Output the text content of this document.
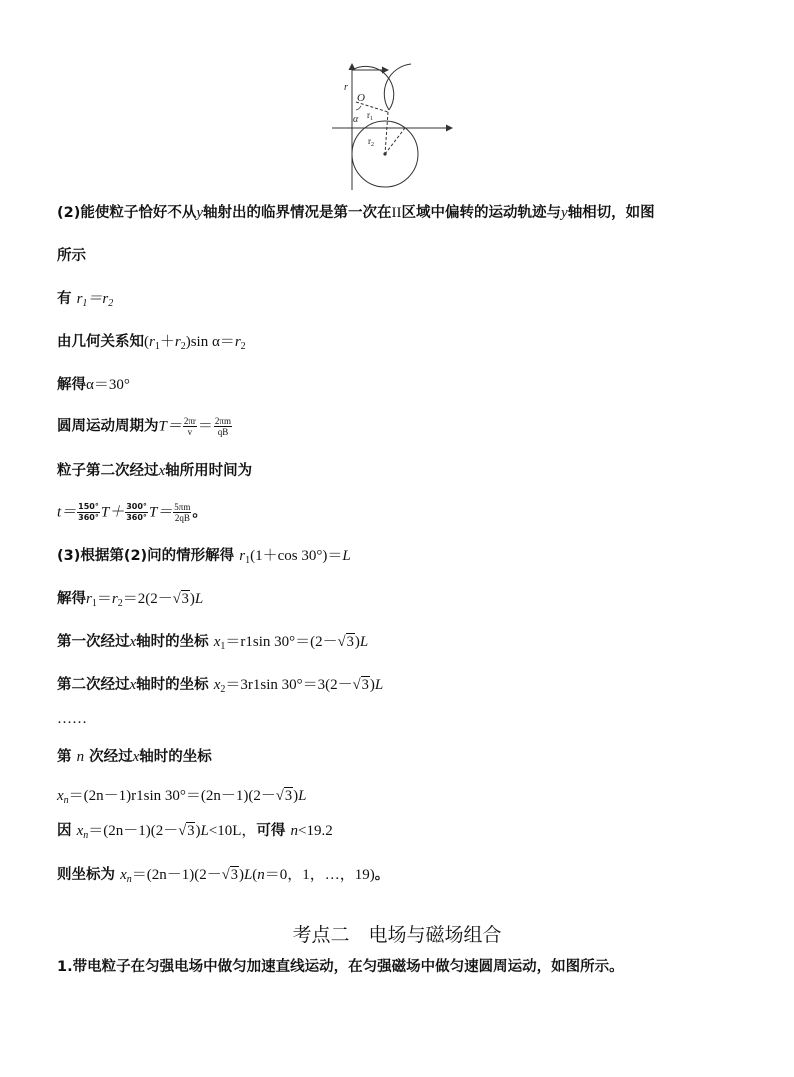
r
O
α $r_1$
$r_2$
(2)能使粒子恰好不从y轴射出的临界情况是第一次在II区域中偏转的运动轨迹与y轴相切，如图
所示
有 $r_1=r_2$
由几何关系知$(r_1+r_2)\sin$ $\alpha=r_2$
解得α＝30°
圆周运动周期为$T= \frac{2\pi r}{v} = \frac{2\pi m}{qB}$
粒子第二次经过x轴所用时间为
$t= \frac{150^\circ}{360^\circ} T+ \frac{300^\circ}{360^\circ} T= \frac{5\pi m}{2qB}$ 。
(3)根据第(2)问的情形解得 $r_1(1+\cos$ 30°)＝L
解得$r_1=r_2=2(2-√3)L$
第一次经过x轴时的坐标 $x_1=r1\sin$ 30°＝(2－√3)L
第二次经过x轴时的坐标 $x_2=3r1\sin$ 30°＝3(2－√3)L
……
第 n 次经过x轴时的坐标
$x_n=(2n-1)r1\sin$ 30°＝(2n－1)(2－√3)L
因 $x_n=(2n-1)(2-√3)L<10L$，可得 n<19.2
则坐标为 $x_n=(2n-1)(2-√3)L(n=0$，1，…，19)。
考点二　电场与磁场组合
1.带电粒子在匀强电场中做匀加速直线运动，在匀强磁场中做匀速圆周运动，如图所示。
